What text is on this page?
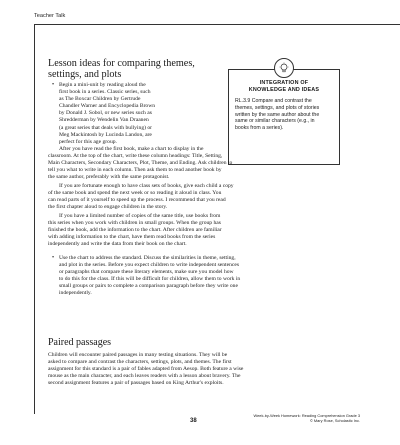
Teacher Talk
Lesson ideas for comparing themes, settings, and plots
INTEGRATION OF
KNOWLEDGE AND IDEAS
RL.3.9 Compare and contrast the
themes, settings, and plots of stories
written by the same author about the
same or similar characters (e.g., in
books from a series).
• Begin a mini-unit by reading aloud the
first book in a series. Classic series, such
as The Boxcar Children by Gertrude
Chandler Warner and Encyclopedia Brown
by Donald J. Sobol, or new series such as
Shredderman by Wendelin Van Draanen
(a great series that deals with bullying) or
Meg Mackintosh by Lucinda Landon, are
perfect for this age group.
After you have read the first book, make a chart to display in the
classroom. At the top of the chart, write these column headings: Title, Setting,
Main Characters, Secondary Characters, Plot, Theme, and Ending. Ask children to
tell you what to write in each column. Then ask them to read another book by
the same author, preferably with the same protagonist.
If you are fortunate enough to have class sets of books, give each child a copy
of the same book and spend the next week or so reading it aloud in class. You
can read parts of it yourself to speed up the process. I recommend that you read
the first chapter aloud to engage children in the story.
If you have a limited number of copies of the same title, use books from
this series when you work with children in small groups. When the group has
finished the book, add the information to the chart. After children are familiar
with adding information to the chart, have them read books from the series
independently and write the data from their book on the chart.
• Use the chart to address the standard. Discuss the similarities in theme, setting,
and plot in the series. Before you expect children to write independent sentences
or paragraphs that compare these literary elements, make sure you model how
to do this for the class. If this will be difficult for children, allow them to work in
small groups or pairs to complete a comparison paragraph before they write one
independently.
Paired passages
Children will encounter paired passages in many testing situations. They will be
asked to compare and contrast the characters, settings, plots, and themes. The first
assignment for this standard is a pair of fables adapted from Aesop. Both feature a wise
mouse as the main character, and each leaves readers with a lesson about bravery. The
second assignment features a pair of passages based on King Arthur's exploits.
38
Week-by-Week Homework: Reading Comprehension Grade 3
© Mary Rose, Scholastic Inc.
